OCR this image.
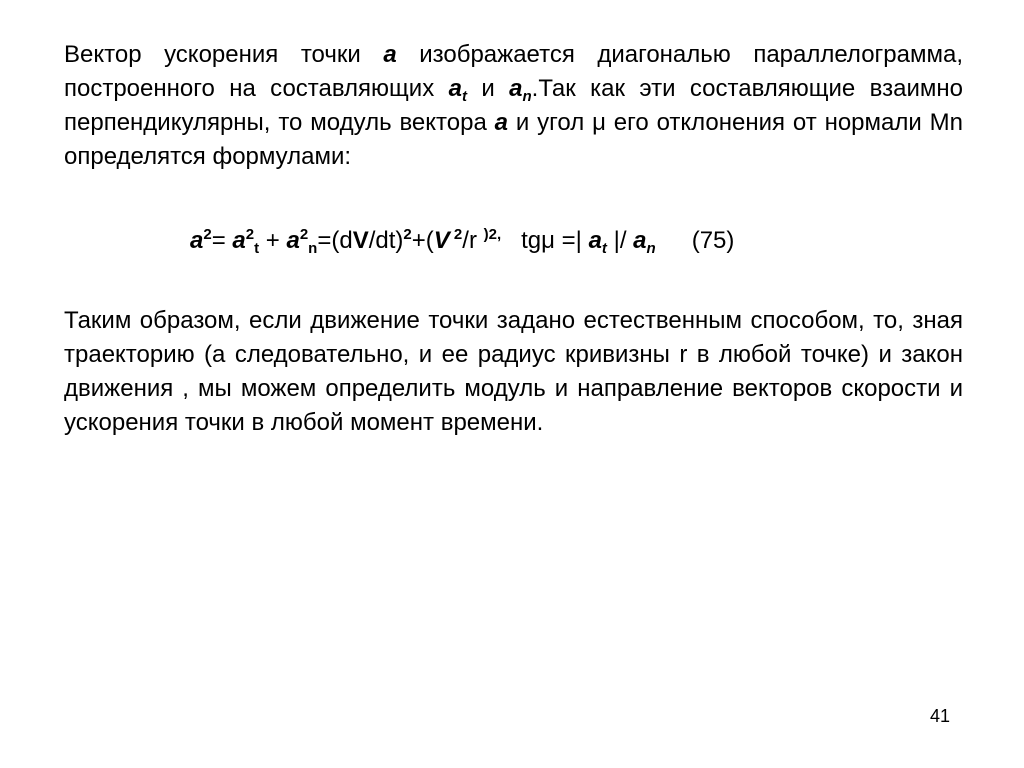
Вектор ускорения точки a изображается диагональю параллелограмма, построенного на составляющих $a_t$ и $a_n.Так$ как эти составляющие взаимно перпендикулярны, то модуль вектора a и угол μ его отклонения от нормали Mn определятся формулами:

$a^2= a^2_t + a^2_n=(dV/dt)^2+(V$ $^2$/r $^{)2,}$ tgμ =| $a_t$ |/ $a_n$ (75)

Таким образом, если движение точки задано естественным способом, то, зная траекторию (а следовательно, и ее радиус кривизны r в любой точке) и закон движения , мы можем определить модуль и направление векторов скорости и ускорения точки в любой момент времени.

41
